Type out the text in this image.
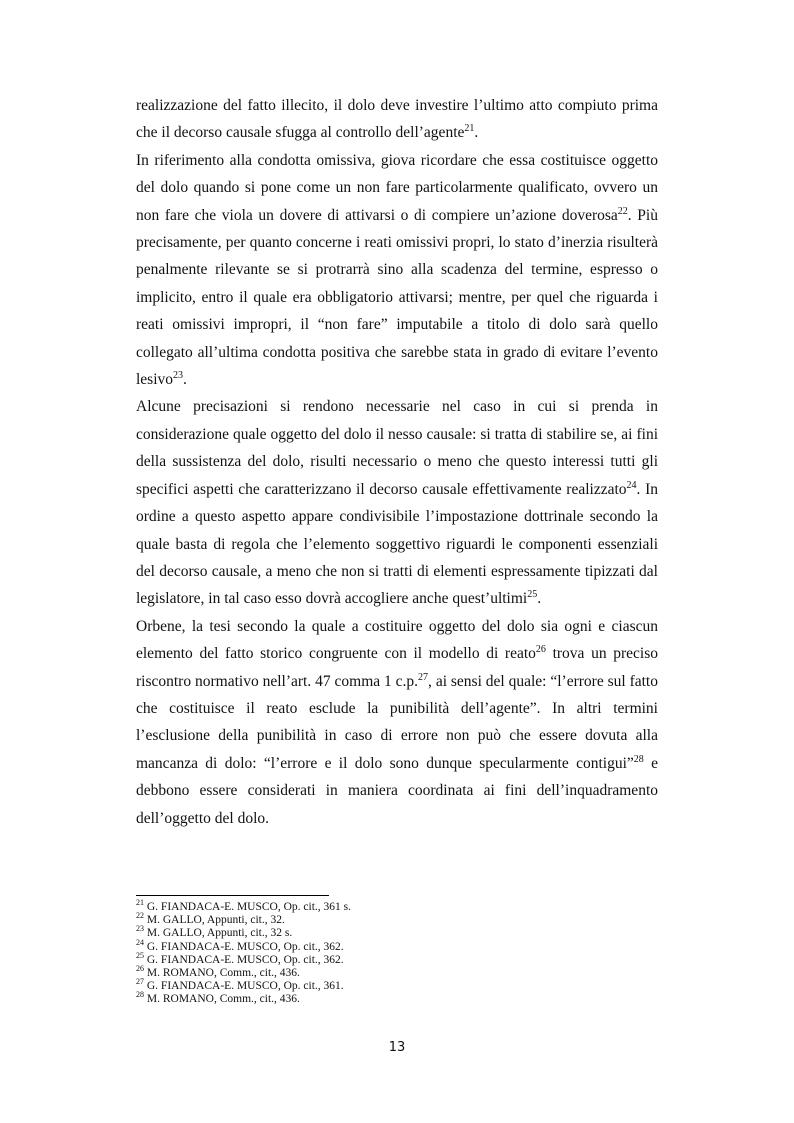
realizzazione del fatto illecito, il dolo deve investire l’ultimo atto compiuto prima che il decorso causale sfugga al controllo dell’agente$^{21}$.

In riferimento alla condotta omissiva, giova ricordare che essa costituisce oggetto del dolo quando si pone come un non fare particolarmente qualificato, ovvero un non fare che viola un dovere di attivarsi o di compiere un’azione doverosa$^{22}$. Più precisamente, per quanto concerne i reati omissivi propri, lo stato d’inerzia risulterà penalmente rilevante se si protrarrà sino alla scadenza del termine, espresso o implicito, entro il quale era obbligatorio attivarsi; mentre, per quel che riguarda i reati omissivi impropri, il “non fare” imputabile a titolo di dolo sarà quello collegato all’ultima condotta positiva che sarebbe stata in grado di evitare l’evento lesivo$^{23}$.

Alcune precisazioni si rendono necessarie nel caso in cui si prenda in considerazione quale oggetto del dolo il nesso causale: si tratta di stabilire se, ai fini della sussistenza del dolo, risulti necessario o meno che questo interessi tutti gli specifici aspetti che caratterizzano il decorso causale effettivamente realizzato$^{24}$. In ordine a questo aspetto appare condivisibile l’impostazione dottrinale secondo la quale basta di regola che l’elemento soggettivo riguardi le componenti essenziali del decorso causale, a meno che non si tratti di elementi espressamente tipizzati dal legislatore, in tal caso esso dovrà accogliere anche quest’ultimi$^{25}$.

Orbene, la tesi secondo la quale a costituire oggetto del dolo sia ogni e ciascun elemento del fatto storico congruente con il modello di reato$^{26}$ trova un preciso riscontro normativo nell’art. 47 comma 1 c.p.$^{27}$, ai sensi del quale: “l’errore sul fatto che costituisce il reato esclude la punibilità dell’agente”. In altri termini l’esclusione della punibilità in caso di errore non può che essere dovuta alla mancanza di dolo: “l’errore e il dolo sono dunque specularmente contigui”$^{28}$ e debbono essere considerati in maniera coordinata ai fini dell’inquadramento dell’oggetto del dolo.

$^{21}$ G. FIANDACA-E. MUSCO, Op. cit., 361 s.
$^{22}$ M. GALLO, Appunti, cit., 32.
$^{23}$ M. GALLO, Appunti, cit., 32 s.
$^{24}$ G. FIANDACA-E. MUSCO, Op. cit., 362.
$^{25}$ G. FIANDACA-E. MUSCO, Op. cit., 362.
$^{26}$ M. ROMANO, Comm., cit., 436.
$^{27}$ G. FIANDACA-E. MUSCO, Op. cit., 361.
$^{28}$ M. ROMANO, Comm., cit., 436.
13
